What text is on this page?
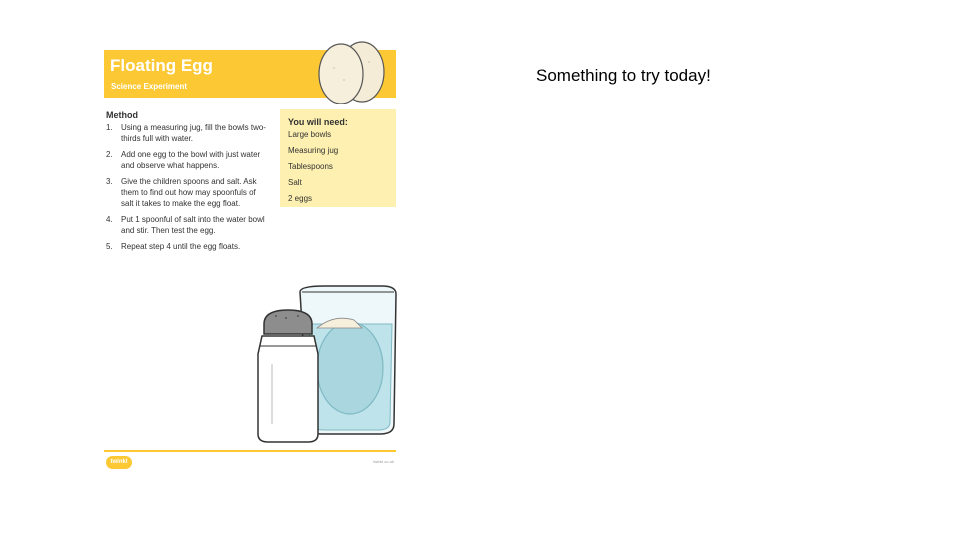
Floating Egg
Science Experiment
Method
1.	Using a measuring jug, fill the bowls two-thirds full with water.
2.	Add one egg to the bowl with just water and observe what happens.
3.	Give the children spoons and salt. Ask them to find out how may spoonfuls of salt it takes to make the egg float.
4.	Put 1 spoonful of salt into the water bowl and stir. Then test the egg.
5.	Repeat step 4 until the egg floats.
You will need:
Large bowls
Measuring jug
Tablespoons
Salt
2 eggs
twinkl	twinkl.co.uk
Something to try today!
